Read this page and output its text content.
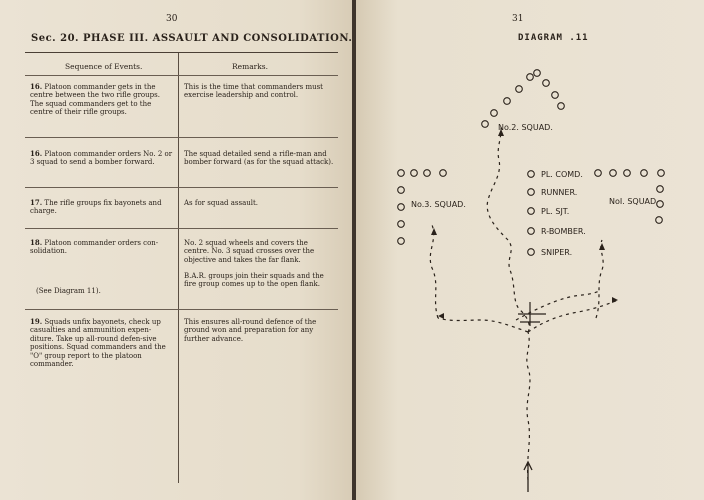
30
Sec. 20. PHASE III. ASSAULT AND CONSOLIDATION.
Sequence of Events.	Remarks.
16. Platoon commander gets in the centre between the two rifle groups. The squad commanders get to the centre of their rifle groups.
This is the time that commanders must exercise leadership and control.
16. Platoon commander orders No. 2 or 3 squad to send a bomber forward.
The squad detailed send a rifle-man and bomber forward (as for the squad attack).
17. The rifle groups fix bayonets and charge.
As for squad assault.
18. Platoon commander orders con-solidation.
(See Diagram 11).
No. 2 squad wheels and covers the centre. No. 3 squad crosses over the objective and takes the far flank.
B.A.R. groups join their squads and the fire group comes up to the open flank.
19. Squads unfix bayonets, check up casualties and ammunition expen-diture. Take up all-round defen-sive positions. Squad commanders and the "O" group report to the platoon commander.
This ensures all-round defence of the ground won and preparation for any further advance.
31
DIAGRAM .11
No.2. SQUAD.
No.3. SQUAD.	NoI. SQUAD
PL. COMD.
RUNNER.
PL. SJT.
R-BOMBER.
SNIPER.
